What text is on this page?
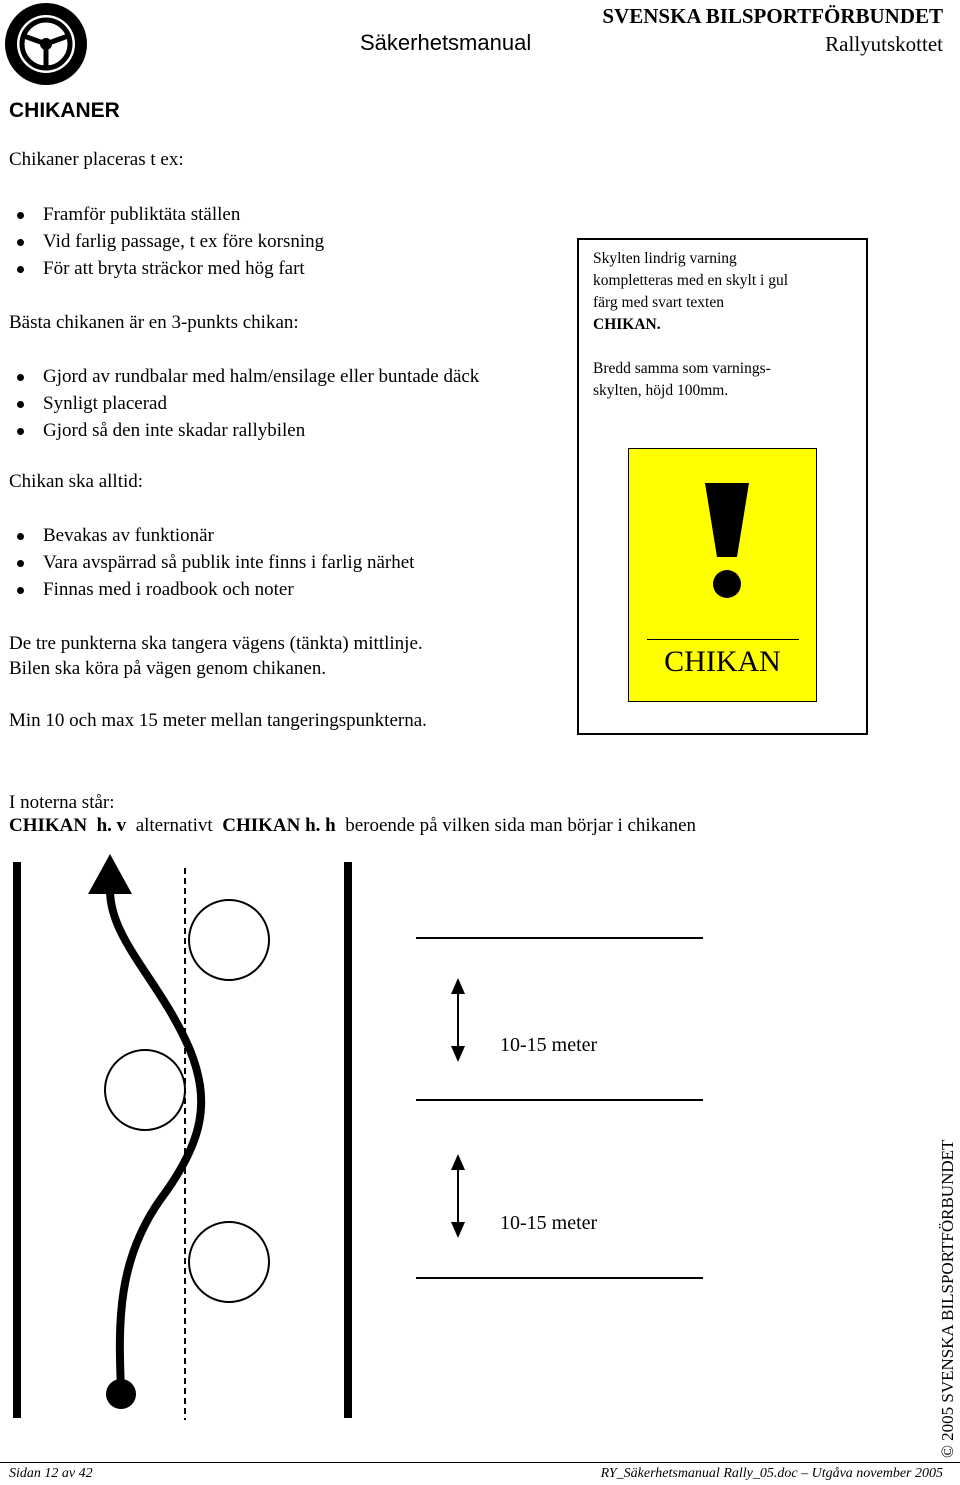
Säkerhetsmanual
SVENSKA BILSPORTFÖRBUNDET
Rallyutskottet
CHIKANER
Chikaner placeras t ex:
Framför publiktäta ställen
Vid farlig passage, t ex före korsning
För att bryta sträckor med hög fart
Bästa chikanen är en 3-punkts chikan:
Gjord av rundbalar med halm/ensilage eller buntade däck
Synligt placerad
Gjord så den inte skadar rallybilen
Chikan ska alltid:
Bevakas av funktionär
Vara avspärrad så publik inte finns i farlig närhet
Finnas med i roadbook och noter
De tre punkterna ska tangera vägens (tänkta) mittlinje.
Bilen ska köra på vägen genom chikanen.
Min 10 och max 15 meter mellan tangeringspunkterna.
I noterna står:
CHIKAN  h. v alternativt CHIKAN h. h beroende på vilken sida man börjar i chikanen
Skylten lindrig varning
kompletteras med en skylt i gul
färg med svart texten
CHIKAN.
Bredd samma som varnings-
skylten, höjd 100mm.
CHIKAN
10-15 meter
10-15 meter	© 2005 SVENSKA BILSPORTFÖRBUNDET
Sidan 12 av 42	RY_Säkerhetsmanual Rally_05.doc – Utgåva november 2005
